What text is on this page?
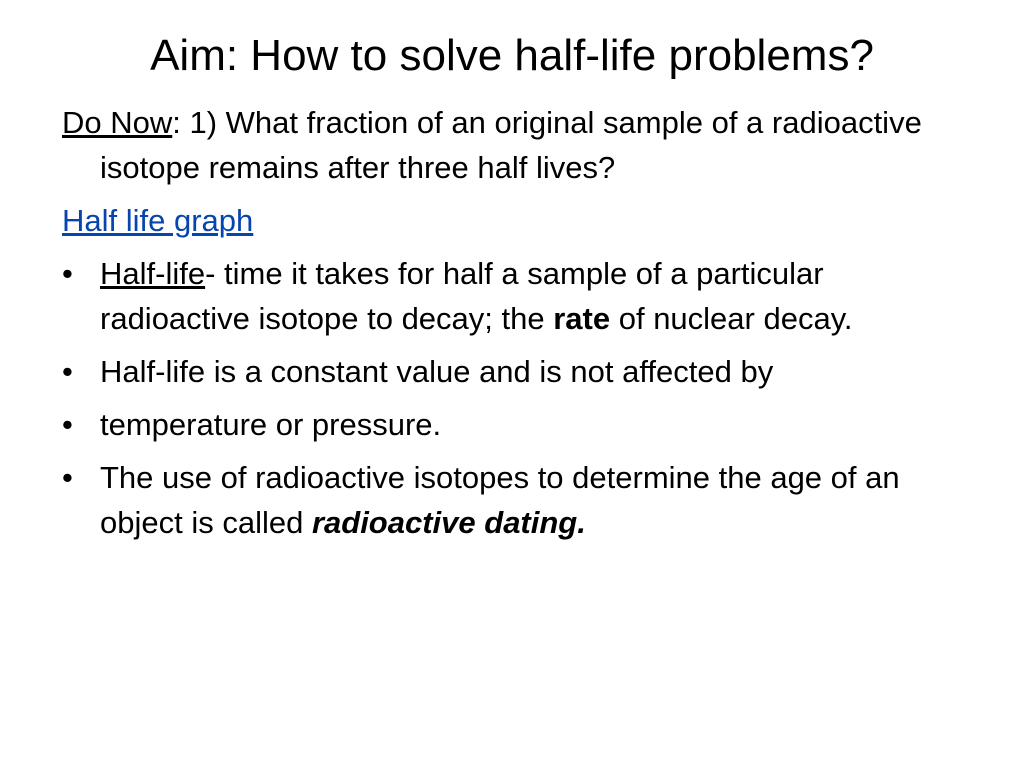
Aim: How to solve half-life problems?

Do Now: 1) What fraction of an original sample of a radioactive isotope remains after three half lives?

Half life graph

• Half-life- time it takes for half a sample of a particular radioactive isotope to decay; the rate of nuclear decay.
• Half-life is a constant value and is not affected by
• temperature or pressure.
• The use of radioactive isotopes to determine the age of an object is called radioactive dating.
